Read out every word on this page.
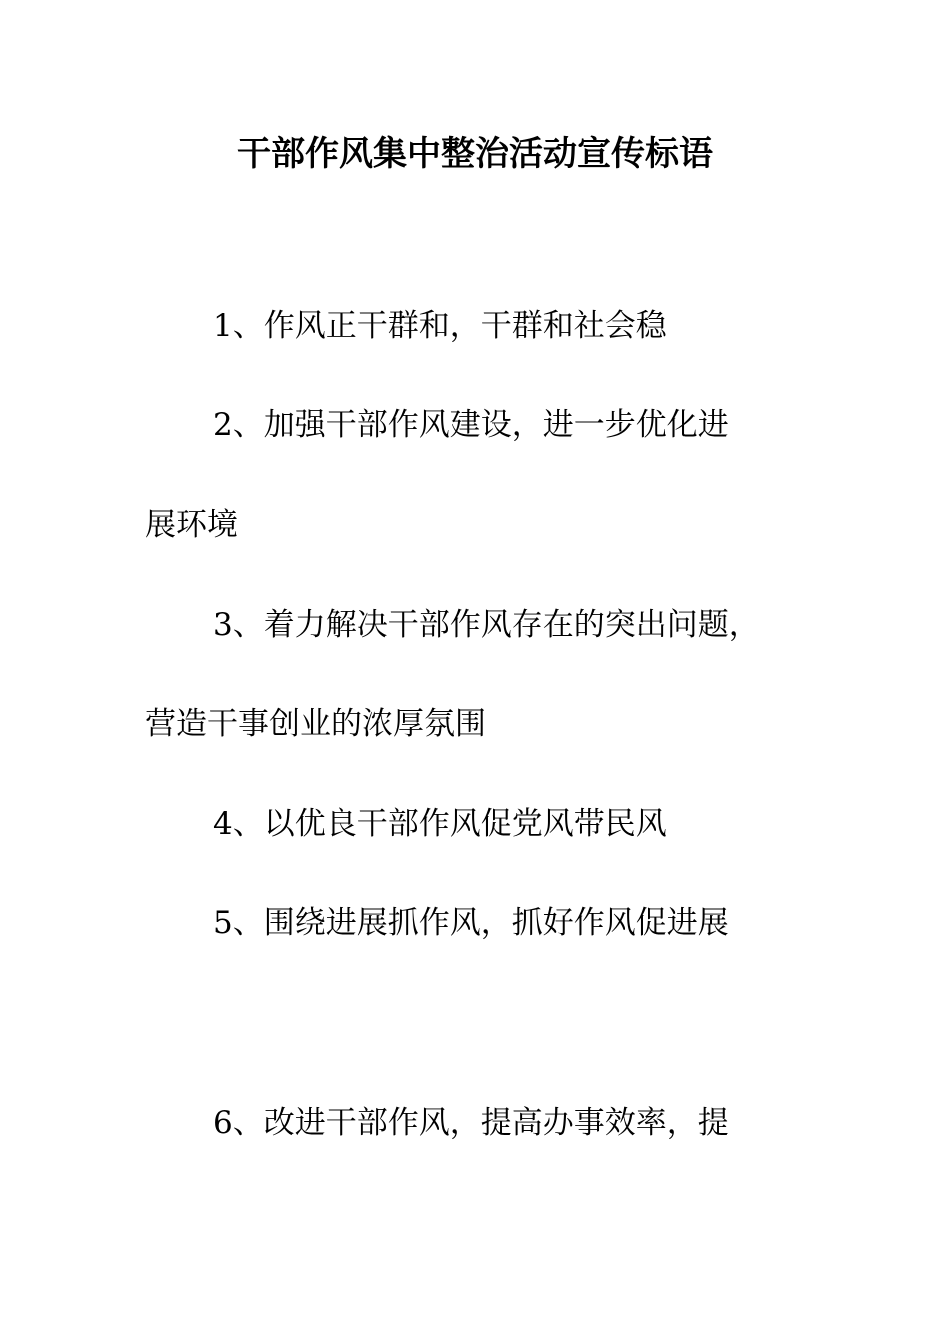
干部作风集中整治活动宣传标语
1、作风正干群和，干群和社会稳
2、加强干部作风建设，进一步优化进
展环境
3、着力解决干部作风存在的突出问题，
营造干事创业的浓厚氛围
4、以优良干部作风促党风带民风
5、围绕进展抓作风，抓好作风促进展
6、改进干部作风，提高办事效率，提
